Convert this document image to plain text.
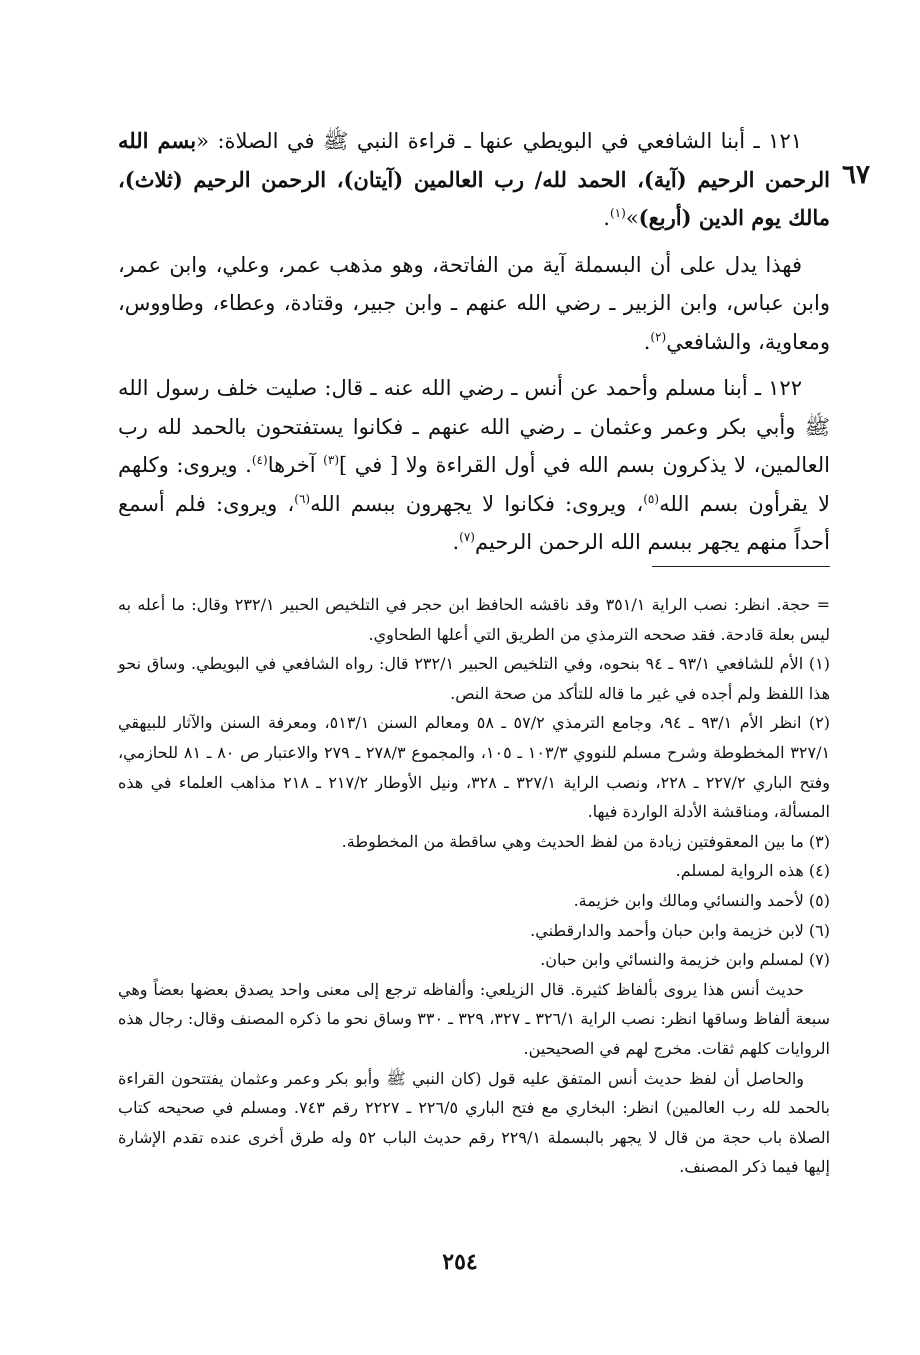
٦٧

١٢١ ـ أبنا الشافعي في البويطي عنها ـ قراءة النبي ﷺ في الصلاة: «بسم الله الرحمن الرحيم (آية)، الحمد لله/ رب العالمين (آيتان)، الرحمن الرحيم (ثلاث)، مالك يوم الدين (أربع)»$^{(١)}$.

فهذا يدل على أن البسملة آية من الفاتحة، وهو مذهب عمر، وعلي، وابن عمر، وابن عباس، وابن الزبير ـ رضي الله عنهم ـ وابن جبير، وقتادة، وعطاء، وطاووس، ومعاوية، والشافعي$^{(٢)}$.

١٢٢ ـ أبنا مسلم وأحمد عن أنس ـ رضي الله عنه ـ قال: صليت خلف رسول الله ﷺ وأبي بكر وعمر وعثمان ـ رضي الله عنهم ـ فكانوا يستفتحون بالحمد لله رب العالمين، لا يذكرون بسم الله في أول القراءة ولا [ في ]$^{(٣)}$ آخرها$^{(٤)}$. ويروى: وكلهم لا يقرأون بسم الله$^{(٥)}$، ويروى: فكانوا لا يجهرون ببسم الله$^{(٦)}$، ويروى: فلم أسمع أحداً منهم يجهر ببسم الله الرحمن الرحيم$^{(٧)}$.

= حجة. انظر: نصب الراية ٣٥١/١ وقد ناقشه الحافظ ابن حجر في التلخيص الحبير ٢٣٢/١ وقال: ما أعله به ليس بعلة قادحة. فقد صححه الترمذي من الطريق التي أعلها الطحاوي.

(١) الأم للشافعي ٩٣/١ ـ ٩٤ بنحوه، وفي التلخيص الحبير ٢٣٢/١ قال: رواه الشافعي في البويطي. وساق نحو هذا اللفظ ولم أجده في غير ما قاله للتأكد من صحة النص.

(٢) انظر الأم ٩٣/١ ـ ٩٤، وجامع الترمذي ٥٧/٢ ـ ٥٨ ومعالم السنن ٥١٣/١، ومعرفة السنن والآثار للبيهقي ٣٢٧/١ المخطوطة وشرح مسلم للنووي ١٠٣/٣ ـ ١٠٥، والمجموع ٢٧٨/٣ ـ ٢٧٩ والاعتبار ص ٨٠ ـ ٨١ للحازمي، وفتح الباري ٢٢٧/٢ ـ ٢٢٨، ونصب الراية ٣٢٧/١ ـ ٣٢٨، ونيل الأوطار ٢١٧/٢ ـ ٢١٨ مذاهب العلماء في هذه المسألة، ومناقشة الأدلة الواردة فيها.

(٣) ما بين المعقوفتين زيادة من لفظ الحديث وهي ساقطة من المخطوطة.

(٤) هذه الرواية لمسلم.

(٥) لأحمد والنسائي ومالك وابن خزيمة.

(٦) لابن خزيمة وابن حبان وأحمد والدارقطني.

(٧) لمسلم وابن خزيمة والنسائي وابن حبان.

حديث أنس هذا يروى بألفاظ كثيرة. قال الزيلعي: وألفاظه ترجع إلى معنى واحد يصدق بعضها بعضاً وهي سبعة ألفاظ وساقها انظر: نصب الراية ٣٢٦/١ ـ ٣٢٧، ٣٢٩ ـ ٣٣٠ وساق نحو ما ذكره المصنف وقال: رجال هذه الروايات كلهم ثقات. مخرج لهم في الصحيحين.

والحاصل أن لفظ حديث أنس المتفق عليه قول (كان النبي ﷺ وأبو بكر وعمر وعثمان يفتتحون القراءة بالحمد لله رب العالمين) انظر: البخاري مع فتح الباري ٢٢٦/٥ ـ ٢٢٢٧ رقم ٧٤٣. ومسلم في صحيحه كتاب الصلاة باب حجة من قال لا يجهر بالبسملة ٢٢٩/١ رقم حديث الباب ٥٢ وله طرق أخرى عنده تقدم الإشارة إليها فيما ذكر المصنف.

٢٥٤
